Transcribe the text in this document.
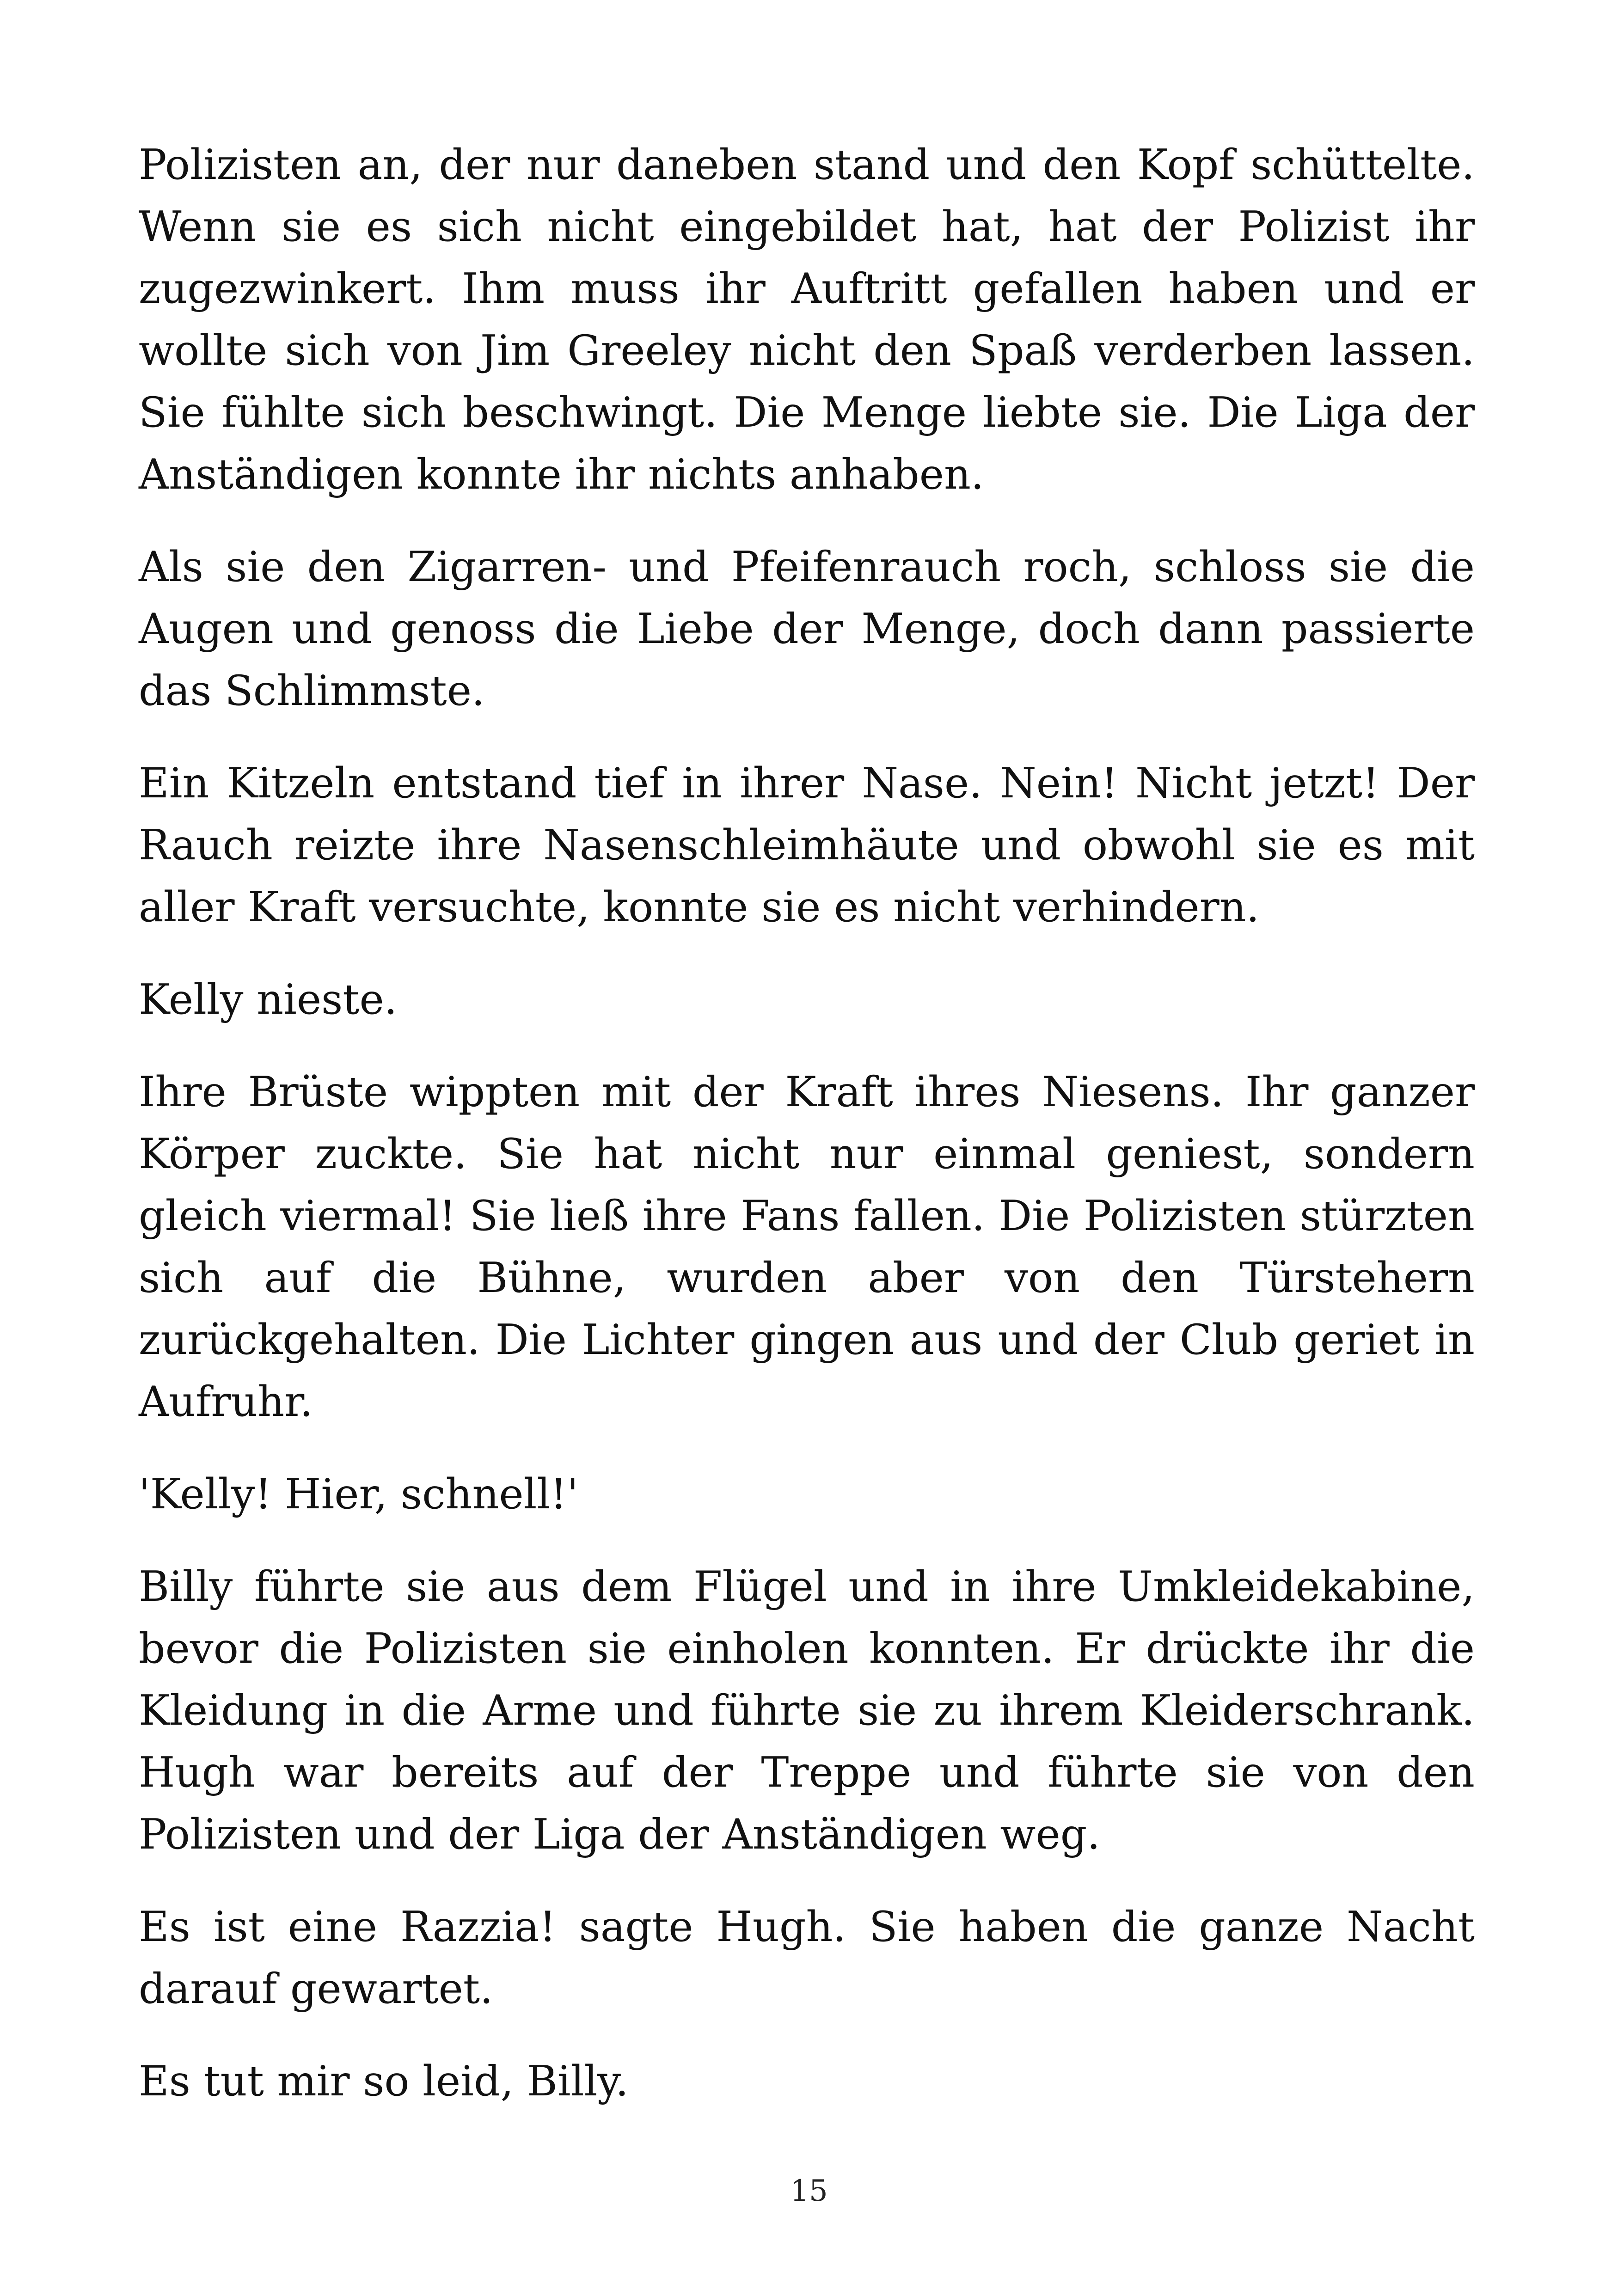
Polizisten an, der nur daneben stand und den Kopf schüttelte. Wenn sie es sich nicht eingebildet hat, hat der Polizist ihr zugezwinkert. Ihm muss ihr Auftritt gefallen haben und er wollte sich von Jim Greeley nicht den Spaß verderben lassen. Sie fühlte sich beschwingt. Die Menge liebte sie. Die Liga der Anständigen konnte ihr nichts anhaben.

Als sie den Zigarren- und Pfeifenrauch roch, schloss sie die Augen und genoss die Liebe der Menge, doch dann passierte das Schlimmste.

Ein Kitzeln entstand tief in ihrer Nase. Nein! Nicht jetzt! Der Rauch reizte ihre Nasenschleimhäute und obwohl sie es mit aller Kraft versuchte, konnte sie es nicht verhindern.

Kelly nieste.

Ihre Brüste wippten mit der Kraft ihres Niesens. Ihr ganzer Körper zuckte. Sie hat nicht nur einmal geniest, sondern gleich viermal! Sie ließ ihre Fans fallen. Die Polizisten stürzten sich auf die Bühne, wurden aber von den Türstehern zurückgehalten. Die Lichter gingen aus und der Club geriet in Aufruhr.

'Kelly! Hier, schnell!'

Billy führte sie aus dem Flügel und in ihre Umkleidekabine, bevor die Polizisten sie einholen konnten. Er drückte ihr die Kleidung in die Arme und führte sie zu ihrem Kleiderschrank. Hugh war bereits auf der Treppe und führte sie von den Polizisten und der Liga der Anständigen weg.

Es ist eine Razzia! sagte Hugh. Sie haben die ganze Nacht darauf gewartet.

Es tut mir so leid, Billy.

15
